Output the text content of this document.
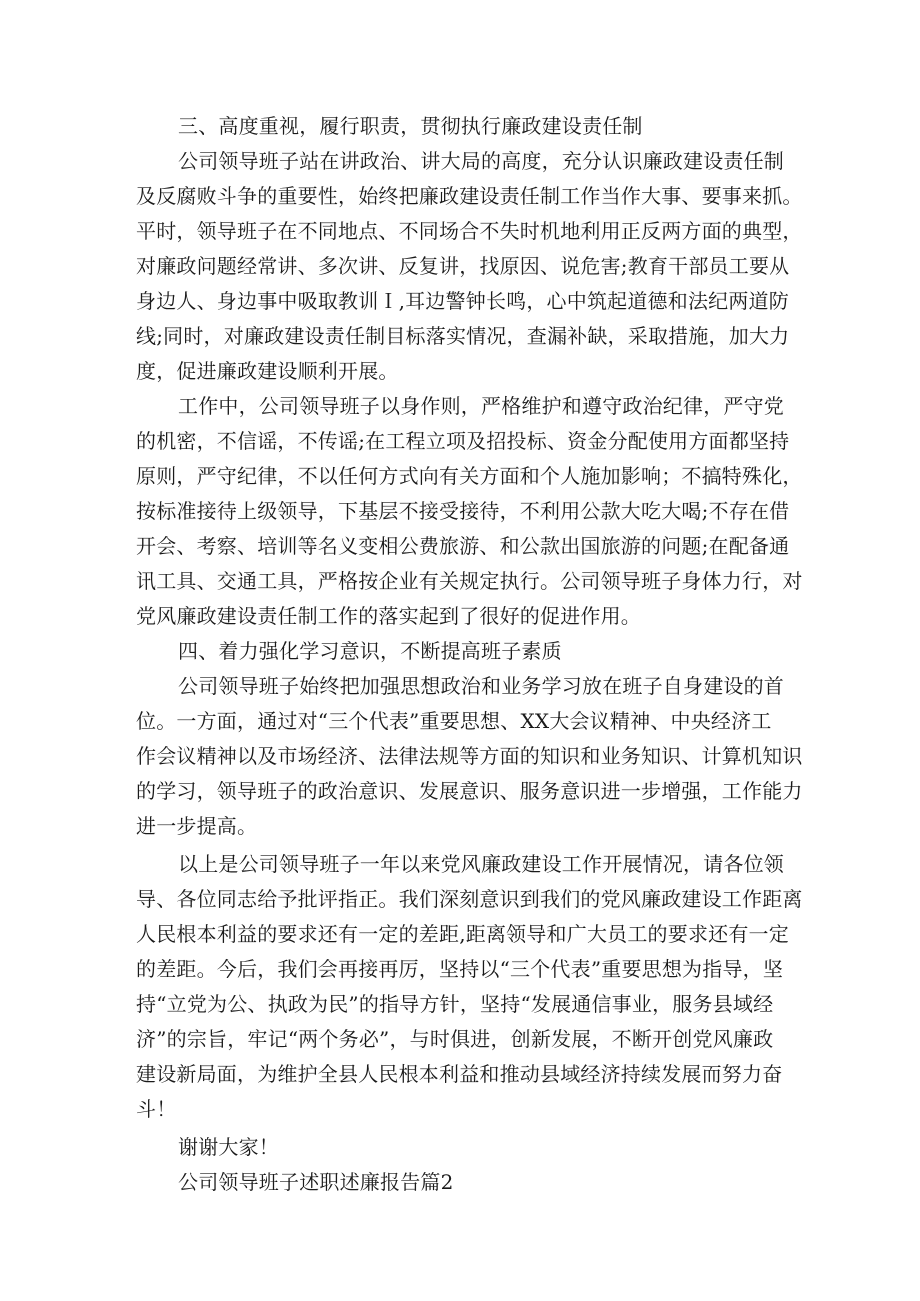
三、高度重视，履行职责，贯彻执行廉政建设责任制
公司领导班子站在讲政治、讲大局的高度，充分认识廉政建设责任制
及反腐败斗争的重要性，始终把廉政建设责任制工作当作大事、要事来抓。
平时，领导班子在不同地点、不同场合不失时机地利用正反两方面的典型，
对廉政问题经常讲、多次讲、反复讲，找原因、说危害;教育干部员工要从
身边人、身边事中吸取教训Ｉ,耳边警钟长鸣，心中筑起道德和法纪两道防
线;同时，对廉政建设责任制目标落实情况，查漏补缺，采取措施，加大力
度，促进廉政建设顺利开展。
工作中，公司领导班子以身作则，严格维护和遵守政治纪律，严守党
的机密，不信谣，不传谣;在工程立项及招投标、资金分配使用方面都坚持
原则，严守纪律，不以任何方式向有关方面和个人施加影响；不搞特殊化，
按标准接待上级领导，下基层不接受接待，不利用公款大吃大喝;不存在借
开会、考察、培训等名义变相公费旅游、和公款出国旅游的问题;在配备通
讯工具、交通工具，严格按企业有关规定执行。公司领导班子身体力行，对
党风廉政建设责任制工作的落实起到了很好的促进作用。
四、着力强化学习意识，不断提高班子素质
公司领导班子始终把加强思想政治和业务学习放在班子自身建设的首
位。一方面，通过对“三个代表”重要思想、XX大会议精神、中央经济工
作会议精神以及市场经济、法律法规等方面的知识和业务知识、计算机知识
的学习，领导班子的政治意识、发展意识、服务意识进一步增强，工作能力
进一步提高。
以上是公司领导班子一年以来党风廉政建设工作开展情况，请各位领
导、各位同志给予批评指正。我们深刻意识到我们的党风廉政建设工作距离
人民根本利益的要求还有一定的差距,距离领导和广大员工的要求还有一定
的差距。今后，我们会再接再厉，坚持以“三个代表”重要思想为指导，坚
持“立党为公、执政为民”的指导方针，坚持“发展通信事业，服务县域经
济”的宗旨，牢记“两个务必”，与时俱进，创新发展，不断开创党风廉政
建设新局面，为维护全县人民根本利益和推动县域经济持续发展而努力奋
斗！
谢谢大家！
公司领导班子述职述廉报告篇2
